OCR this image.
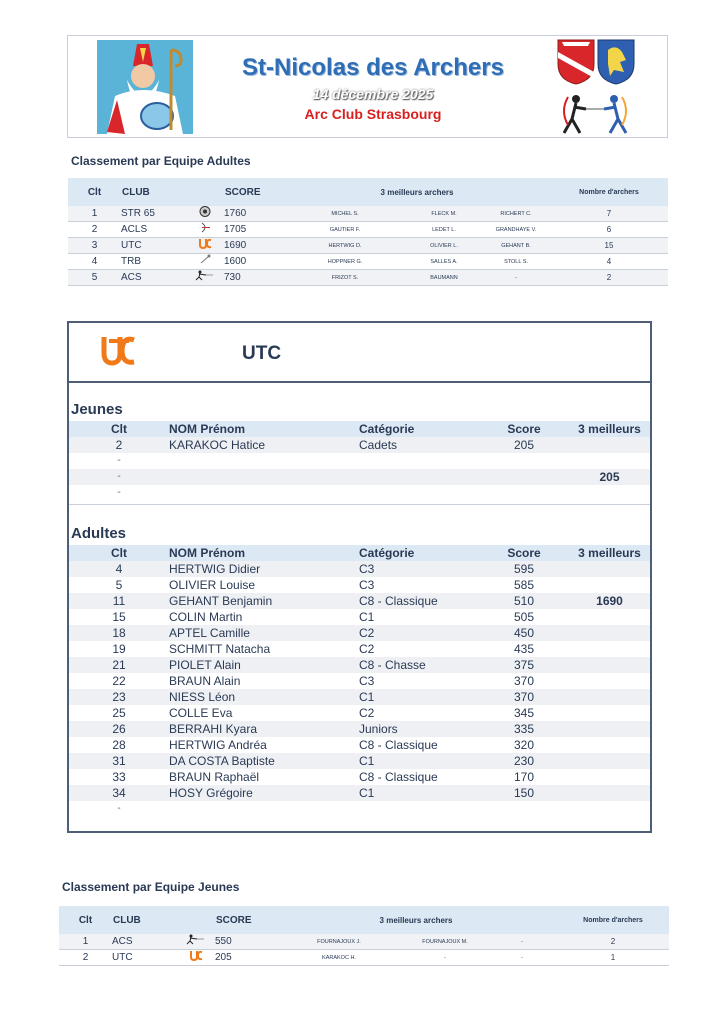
St-Nicolas des Archers
14 décembre 2025
Arc Club Strasbourg
Classement par Equipe Adultes
Clt	CLUB		SCORE	3 meilleurs archers			Nombre d'archers
1	STR 65		1760	MICHEL S.	FLECK M.	RICHERT C.	7
2	ACLS		1705	GAUTIER F.	LEDET L.	GRANDHAYE V.	6
3	UTC		1690	HERTWIG D.	OLIVIER L.	GEHANT B.	15
4	TRB		1600	HOPPNER G.	SALLES A.	STOLL S.	4
5	ACS		730	FRIZOT S.	BAUMANN	-	2
UTC
Jeunes
Clt	NOM Prénom	Catégorie	Score	3 meilleurs
2	KARAKOC Hatice	Cadets	205	
-				
-				205
-				
Adultes
Clt	NOM Prénom	Catégorie	Score	3 meilleurs
4	HERTWIG Didier	C3	595	
5	OLIVIER Louise	C3	585	
11	GEHANT Benjamin	C8 - Classique	510	1690
15	COLIN Martin	C1	505	
18	APTEL Camille	C2	450	
19	SCHMITT Natacha	C2	435	
21	PIOLET Alain	C8 - Chasse	375	
22	BRAUN Alain	C3	370	
23	NIESS Léon	C1	370	
25	COLLE Eva	C2	345	
26	BERRAHI Kyara	Juniors	335	
28	HERTWIG Andréa	C8 - Classique	320	
31	DA COSTA Baptiste	C1	230	
33	BRAUN Raphaël	C8 - Classique	170	
34	HOSY Grégoire	C1	150	
-				
Classement par Equipe Jeunes
Clt	CLUB		SCORE	3 meilleurs archers			Nombre d'archers
1	ACS		550	FOURNAJOUX J.	FOURNAJOUX M.	-	2
2	UTC		205	KARAKOC H.	-	-	1
